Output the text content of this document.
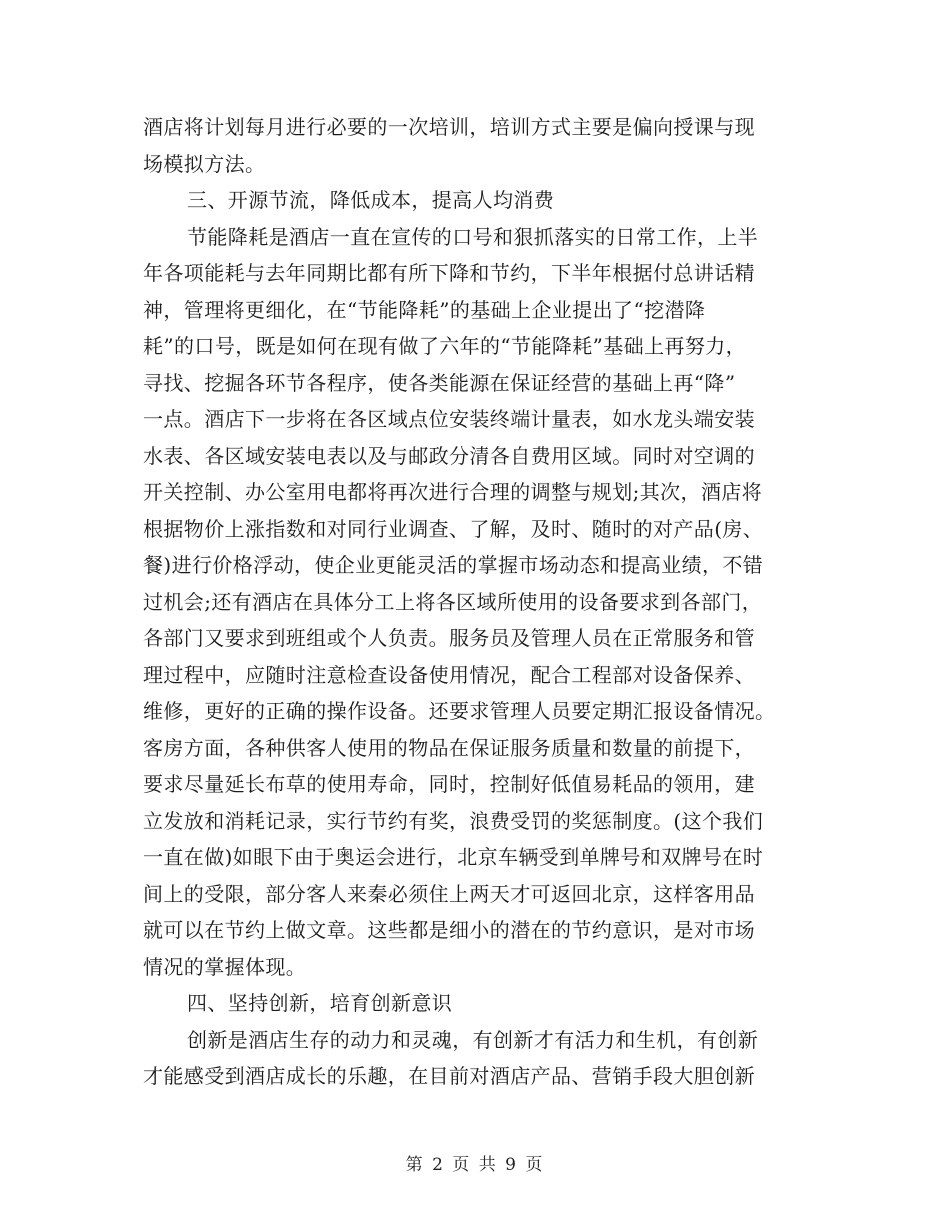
酒店将计划每月进行必要的一次培训，培训方式主要是偏向授课与现
场模拟方法。
三、开源节流，降低成本，提高人均消费
节能降耗是酒店一直在宣传的口号和狠抓落实的日常工作，上半
年各项能耗与去年同期比都有所下降和节约，下半年根据付总讲话精
神，管理将更细化，在“节能降耗”的基础上企业提出了“挖潜降
耗”的口号，既是如何在现有做了六年的“节能降耗”基础上再努力，
寻找、挖掘各环节各程序，使各类能源在保证经营的基础上再“降”
一点。酒店下一步将在各区域点位安装终端计量表，如水龙头端安装
水表、各区域安装电表以及与邮政分清各自费用区域。同时对空调的
开关控制、办公室用电都将再次进行合理的调整与规划;其次，酒店将
根据物价上涨指数和对同行业调查、了解，及时、随时的对产品(房、
餐)进行价格浮动，使企业更能灵活的掌握市场动态和提高业绩，不错
过机会;还有酒店在具体分工上将各区域所使用的设备要求到各部门，
各部门又要求到班组或个人负责。服务员及管理人员在正常服务和管
理过程中，应随时注意检查设备使用情况，配合工程部对设备保养、
维修，更好的正确的操作设备。还要求管理人员要定期汇报设备情况。
客房方面，各种供客人使用的物品在保证服务质量和数量的前提下，
要求尽量延长布草的使用寿命，同时，控制好低值易耗品的领用，建
立发放和消耗记录，实行节约有奖，浪费受罚的奖惩制度。(这个我们
一直在做)如眼下由于奥运会进行，北京车辆受到单牌号和双牌号在时
间上的受限，部分客人来秦必须住上两天才可返回北京，这样客用品
就可以在节约上做文章。这些都是细小的潜在的节约意识，是对市场
情况的掌握体现。
四、坚持创新，培育创新意识
创新是酒店生存的动力和灵魂，有创新才有活力和生机，有创新
才能感受到酒店成长的乐趣，在目前对酒店产品、营销手段大胆创新
第 2 页 共 9 页
